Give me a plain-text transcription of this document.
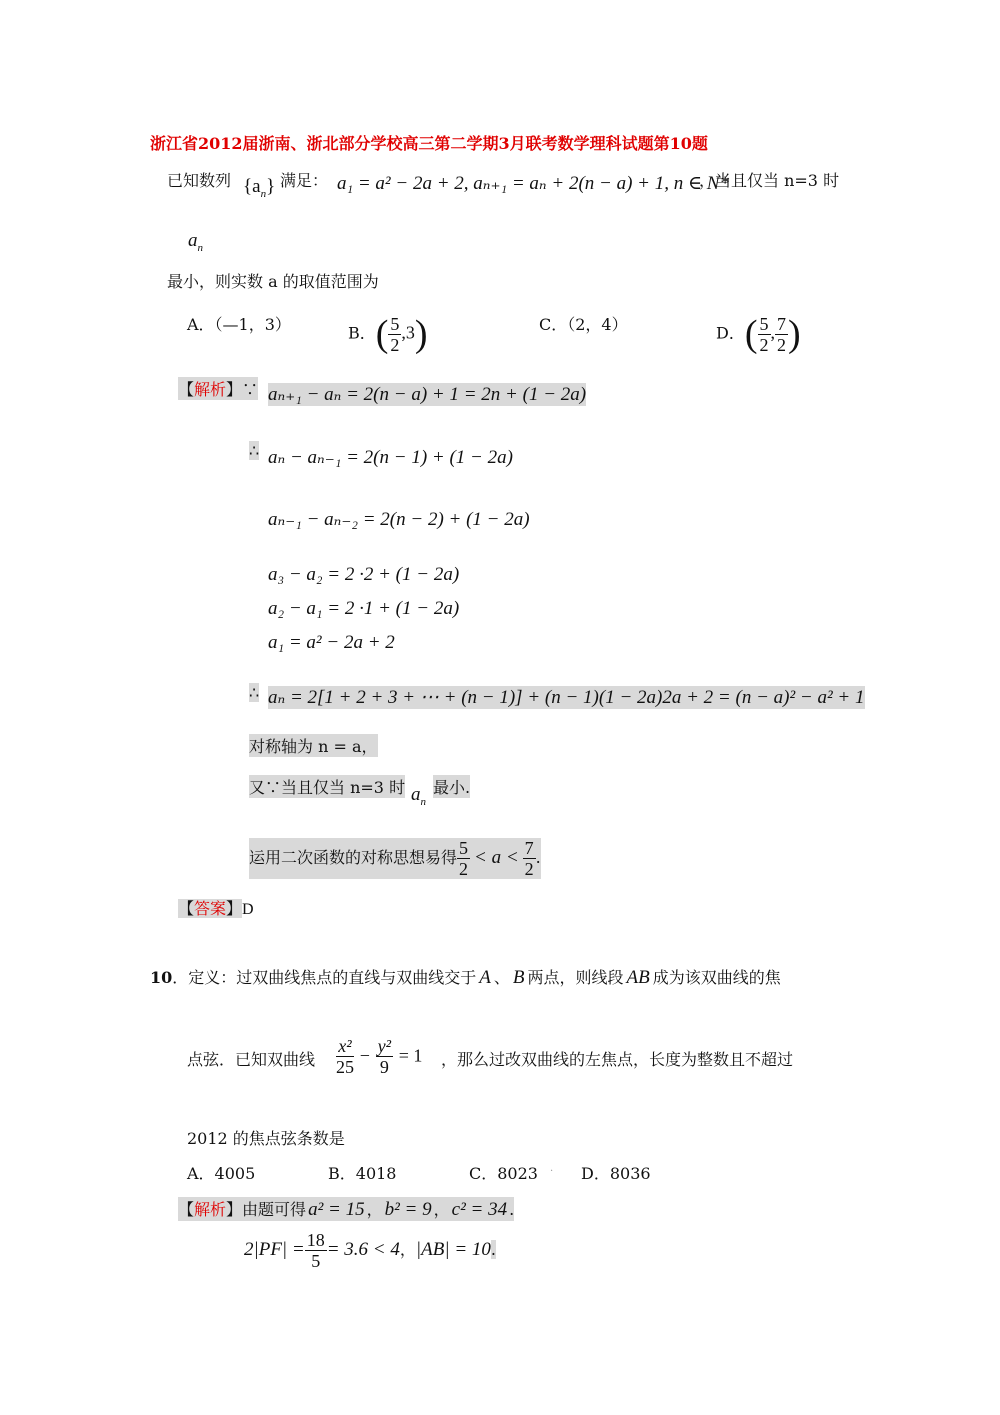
浙江省2012届浙南、浙北部分学校高三第二学期3月联考数学理科试题第10题
已知数列 $\{a_n\}$ 满足： a₁ = a² − 2a + 2, aₙ₊₁ = aₙ + 2(n − a) + 1, n ∈ N*
，当且仅当 n=3 时
$a_n$
最小，则实数 a 的取值范围为
A．（—1，3）	B．( $\frac{5}{2} ,3$)	C．（2，4）	D．( $\frac{5}{2}$ , $\frac{7}{2}$ )
【解析】∵ aₙ₊₁ − aₙ = 2(n − a) + 1 = 2n + (1 − 2a)
∴ aₙ − aₙ₋₁ = 2(n − 1) + (1 − 2a)
aₙ₋₁ − aₙ₋₂ = 2(n − 2) + (1 − 2a)
a₃ − a₂ = 2 ·2 + (1 − 2a)
a₂ − a₁ = 2 ·1 + (1 − 2a)
a₁ = a² − 2a + 2
∴ aₙ = 2[1 + 2 + 3 + ⋯ + (n − 1)] + (n − 1)(1 − 2a)2a + 2 = (n − a)² − a² + 1
对称轴为 n = a，
又∵当且仅当 n=3 时 $a_n$
最小.
运用二次函数的对称思想易得 $\frac{5}{2} < a < \frac{7}{2}$ .
【答案】D
10．定义：过双曲线焦点的直线与双曲线交于 A 、 B 两点，则线段 AB 成为该双曲线的焦
点弦．已知双曲线 $\frac{\text{x²}}{25} - \frac{\text{y²}}{9} = 1$ ，那么过改双曲线的左焦点，长度为整数且不超过
2012 的焦点弦条数是
A．4005	B．4018	C．8023 . D．8036
【解析】由题可得 a² = 15 ， b² = 9 ， c² = 34 .
$2|PF| = \frac{18}{5} = 3.6 < 4$，|AB| = 10.
